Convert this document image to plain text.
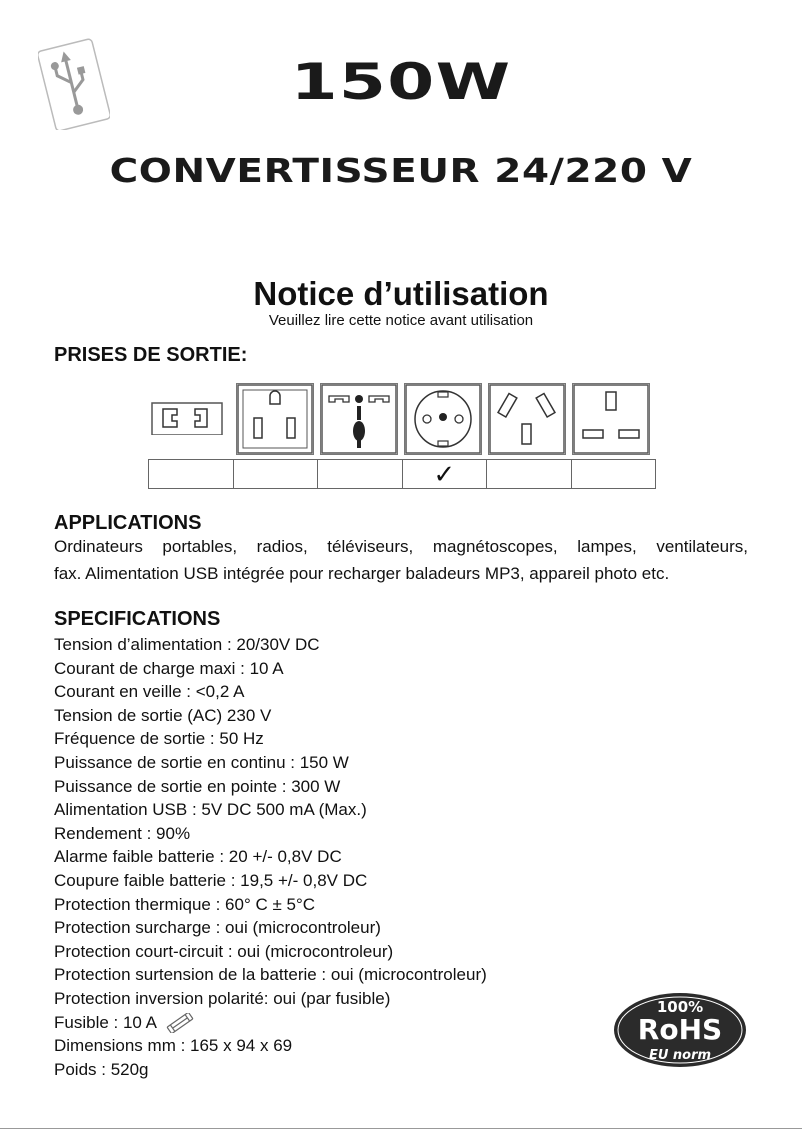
150W
CONVERTISSEUR 24/220 V
Notice d’utilisation
Veuillez lire cette notice avant utilisation
PRISES DE SORTIE:
✓
APPLICATIONS
Ordinateurs portables, radios, téléviseurs, magnétoscopes, lampes, ventilateurs,
fax. Alimentation USB intégrée pour recharger baladeurs MP3, appareil photo etc.
SPECIFICATIONS
Tension d’alimentation : 20/30V DC
Courant de charge maxi : 10 A
Courant en veille : <0,2 A
Tension de sortie (AC) 230 V
Fréquence de sortie : 50 Hz
Puissance de sortie en continu : 150 W
Puissance de sortie en pointe : 300 W
Alimentation USB : 5V DC 500 mA (Max.)
Rendement : 90%
Alarme faible batterie : 20 +/- 0,8V DC
Coupure faible batterie : 19,5 +/- 0,8V DC
Protection thermique : 60° C ± 5°C
Protection surcharge : oui (microcontroleur)
Protection court-circuit : oui (microcontroleur)
Protection surtension de la batterie : oui (microcontroleur)
Protection inversion polarité: oui (par fusible)
Fusible : 10 A
Dimensions mm : 165 x 94 x 69
Poids : 520g
100%
RoHS
EU norm
